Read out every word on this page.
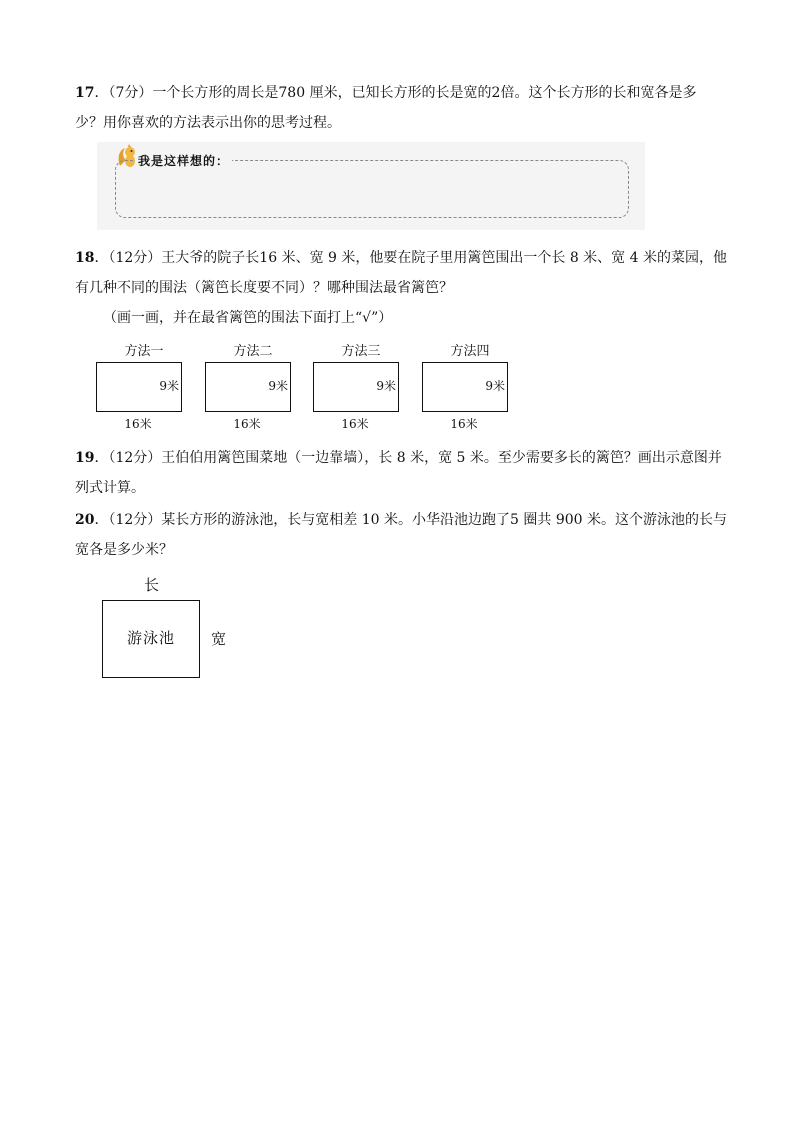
17．（7分）一个长方形的周长是780 厘米，已知长方形的长是宽的2倍。这个长方形的长和宽各是多
少？用你喜欢的方法表示出你的思考过程。
我是这样想的：
18．（12分）王大爷的院子长16 米、宽 9 米，他要在院子里用篱笆围出一个长 8 米、宽 4 米的菜园，他
有几种不同的围法（篱笆长度要不同）？哪种围法最省篱笆？
（画一画，并在最省篱笆的围法下面打上“√”）
方法一
9米
16米
方法二
9米
16米
方法三
9米
16米
方法四
9米
16米
19．（12分）王伯伯用篱笆围菜地（一边靠墙），长 8 米，宽 5 米。至少需要多长的篱笆？画出示意图并
列式计算。
20．（12分）某长方形的游泳池，长与宽相差 10 米。小华沿池边跑了5 圈共 900 米。这个游泳池的长与
宽各是多少米？
长
游泳池	宽
